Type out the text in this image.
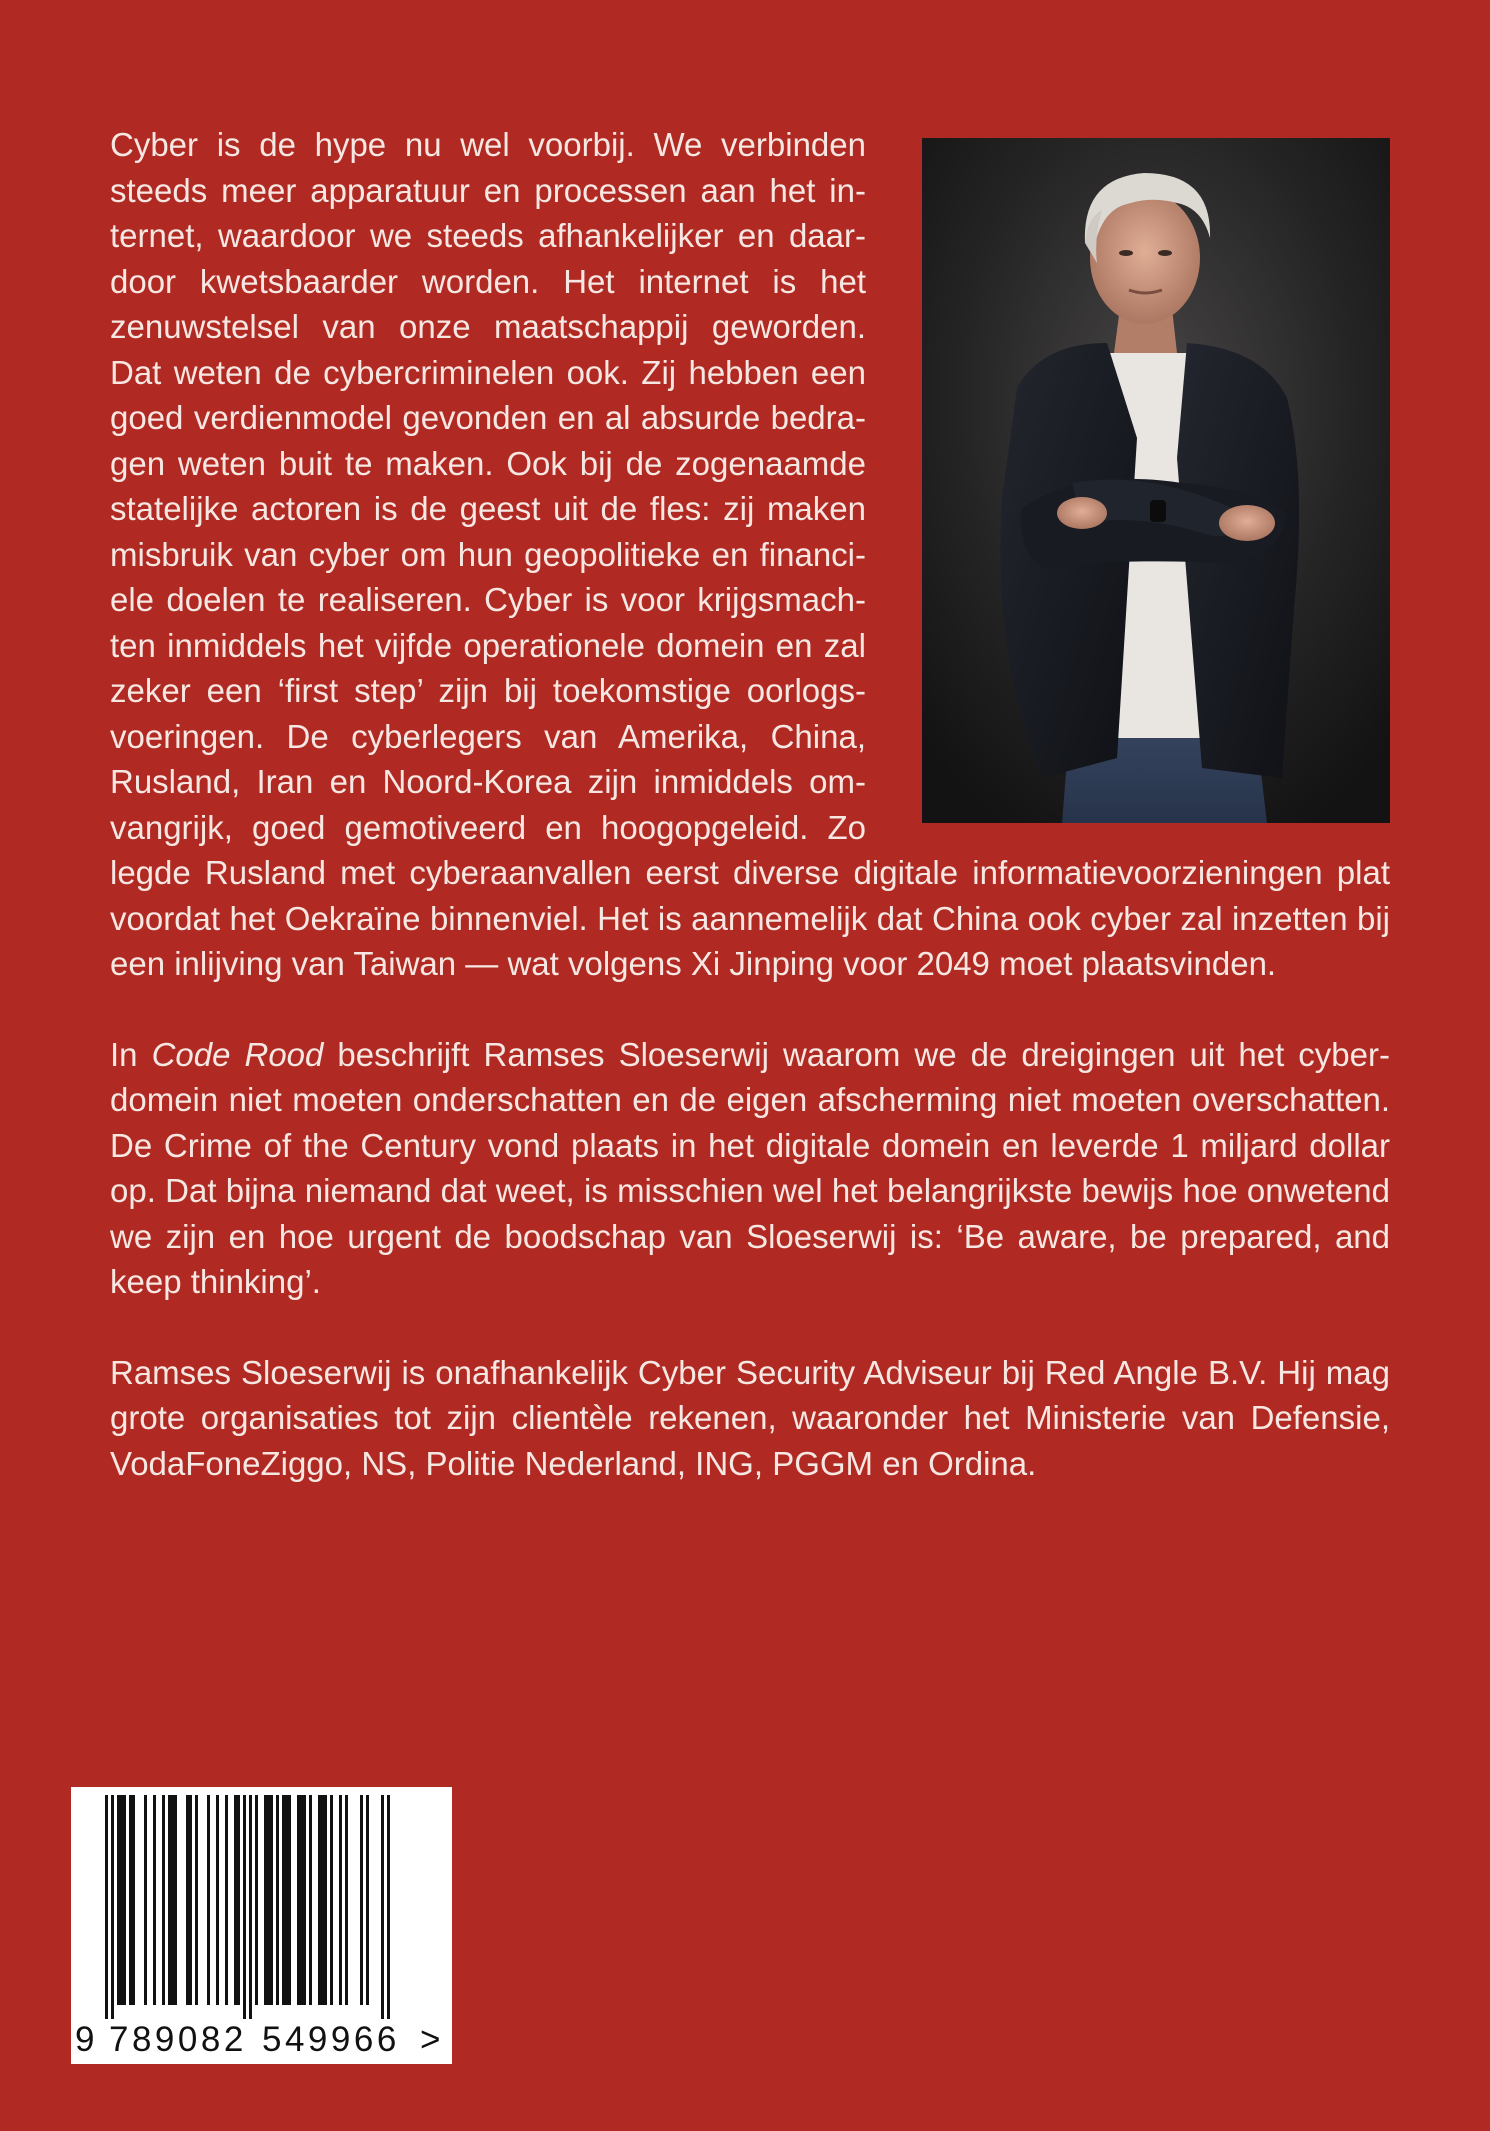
Cyber is de hype nu wel voorbij. We verbinden steeds meer apparatuur en processen aan het internet, waardoor we steeds afhankelijker en daardoor kwetsbaarder worden. Het internet is het zenuwstelsel van onze maatschappij geworden. Dat weten de cybercriminelen ook. Zij hebben een goed verdienmodel gevonden en al absurde bedragen weten buit te maken. Ook bij de zogenaamde statelijke actoren is de geest uit de fles: zij maken misbruik van cyber om hun geopolitieke en financiele doelen te realiseren. Cyber is voor krijgsmachten inmiddels het vijfde operationele domein en zal zeker een ‘first step’ zijn bij toekomstige oorlogsvoeringen. De cyberlegers van Amerika, China, Rusland, Iran en Noord-Korea zijn inmiddels omvangrijk, goed gemotiveerd en hoogopgeleid. Zo legde Rusland met cyberaanvallen eerst diverse digitale informatievoorzieningen plat voordat het Oekraïne binnenviel. Het is aannemelijk dat China ook cyber zal inzetten bij een inlijving van Taiwan — wat volgens Xi Jinping voor 2049 moet plaatsvinden.

In Code Rood beschrijft Ramses Sloeserwij waarom we de dreigingen uit het cyberdomein niet moeten onderschatten en de eigen afscherming niet moeten overschatten. De Crime of the Century vond plaats in het digitale domein en leverde 1 miljard dollar op. Dat bijna niemand dat weet, is misschien wel het belangrijkste bewijs hoe onwetend we zijn en hoe urgent de boodschap van Sloeserwij is: ‘Be aware, be prepared, and keep thinking’.

Ramses Sloeserwij is onafhankelijk Cyber Security Adviseur bij Red Angle B.V. Hij mag grote organisaties tot zijn clientèle rekenen, waaronder het Ministerie van Defensie, VodaFoneZiggo, NS, Politie Nederland, ING, PGGM en Ordina.

9 789082 549966 >
